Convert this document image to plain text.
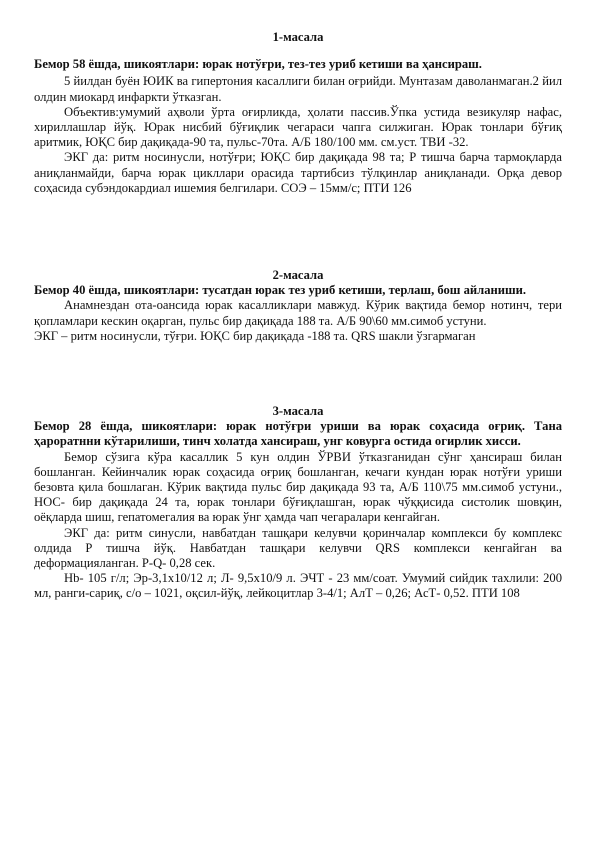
1-масала

Бемор 58 ёшда, шикоятлари: юрак нотўғри, тез-тез уриб кетиши ва ҳансираш.

5 йилдан буён ЮИК ва гипертония касаллиги билан оғрийди. Мунтазам даволанмаган.2 йил олдин миокард инфаркти ўтказган.

Объектив:умумий аҳволи ўрта оғирликда, ҳолати пассив.Ўпка устида везикуляр нафас, хириллашлар йўқ. Юрак нисбий бўғиқлик чегараси чапга силжиган. Юрак тонлари бўғиқ аритмик, ЮҚС бир дақиқада-90 та, пульс-70та. А/Б 180/100 мм. см.уст. ТВИ -32.

ЭКГ да: ритм носинусли, нотўғри; ЮҚС бир дақиқада 98 та; Р тишча барча тармоқларда аниқланмайди, барча юрак цикллари орасида тартибсиз тўлқинлар аниқланади. Орқа девор соҳасида субэндокардиал ишемия белгилари. СОЭ – 15мм/с; ПТИ 126

2-масала

Бемор 40 ёшда, шикоятлари: тусатдан юрак тез уриб кетиши, терлаш, бош айланиши.

Анамнездан ота-оансида юрак касалликлари мавжуд. Кўрик вақтида бемор нотинч, тери қопламлари кескин оқарган, пульс бир дақиқада 188 та. А/Б 90\60 мм.симоб устуни.

ЭКГ – ритм носинусли, тўғри. ЮҚС бир дақиқада -188 та. QRS шакли ўзгармаган

3-масала

Бемор 28 ёшда, шикоятлари: юрак нотўғри уриши ва юрак соҳасида оғриқ. Тана ҳароратнни кўтарилиши, тинч холатда хансираш, унг ковурга остида огирлик хисси.

Бемор сўзига кўра касаллик 5 кун олдин ЎРВИ ўтказганидан сўнг ҳансираш билан бошланган. Кейинчалик юрак соҳасида оғриқ бошланган, кечаги кундан юрак нотўғи уриши безовта қила бошлаган. Кўрик вақтида пульс бир дақиқада 93 та, А/Б 110\75 мм.симоб устуни., НОС- бир дақиқада 24 та, юрак тонлари бўғиқлашган, юрак чўққисида систолик шовқин, оёқларда шиш, гепатомегалия ва юрак ўнг ҳамда чап чегаралари кенгайган.

ЭКГ да: ритм синусли, навбатдан ташқари келувчи қоринчалар комплекси бу комплекс олдида Р тишча йўқ. Навбатдан ташқари келувчи QRS комплекси кенгайган ва деформацияланган. Р-Q- 0,28 сек.

Нb- 105 г/л; Эр-3,1х10/12 л; Л- 9,5х10/9 л. ЭЧТ - 23 мм/соат. Умумий сийдик тахлили: 200 мл, ранги-сариқ, с/о – 1021, оқсил-йўқ, лейкоцитлар 3-4/1; АлТ – 0,26; АсТ- 0,52. ПТИ 108
